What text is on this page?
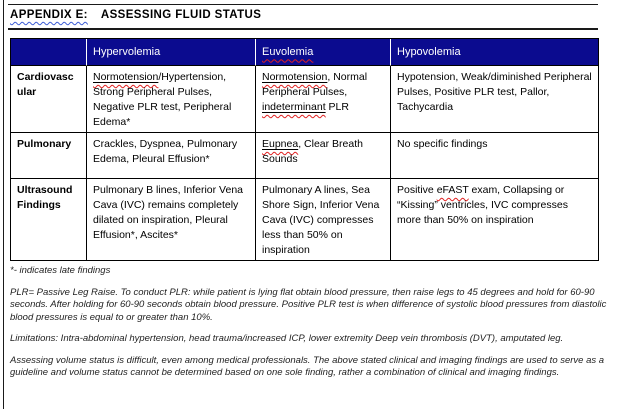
APPENDIX E: ASSESSING FLUID STATUS
	Hypervolemia	Euvolemia	Hypovolemia
Cardiovascular	Normotension/Hypertension, Strong Peripheral Pulses, Negative PLR test, Peripheral Edema*	Normotension, Normal Peripheral Pulses, indeterminant PLR	Hypotension, Weak/diminished Peripheral Pulses, Positive PLR test, Pallor, Tachycardia
Pulmonary	Crackles, Dyspnea, Pulmonary Edema, Pleural Effusion*	Eupnea, Clear Breath Sounds	No specific findings
Ultrasound Findings	Pulmonary B lines, Inferior Vena Cava (IVC) remains completely dilated on inspiration, Pleural Effusion*, Ascites*	Pulmonary A lines, Sea Shore Sign, Inferior Vena Cava (IVC) compresses less than 50% on inspiration	Positive eFAST exam, Collapsing or “Kissing” ventricles, IVC compresses more than 50% on inspiration

*- indicates late findings

PLR= Passive Leg Raise. To conduct PLR: while patient is lying flat obtain blood pressure, then raise legs to 45 degrees and hold for 60-90 seconds. After holding for 60-90 seconds obtain blood pressure. Positive PLR test is when difference of systolic blood pressures from diastolic blood pressures is equal to or greater than 10%.

Limitations: Intra-abdominal hypertension, head trauma/increased ICP, lower extremity Deep vein thrombosis (DVT), amputated leg.

Assessing volume status is difficult, even among medical professionals. The above stated clinical and imaging findings are used to serve as a guideline and volume status cannot be determined based on one sole finding, rather a combination of clinical and imaging findings.
